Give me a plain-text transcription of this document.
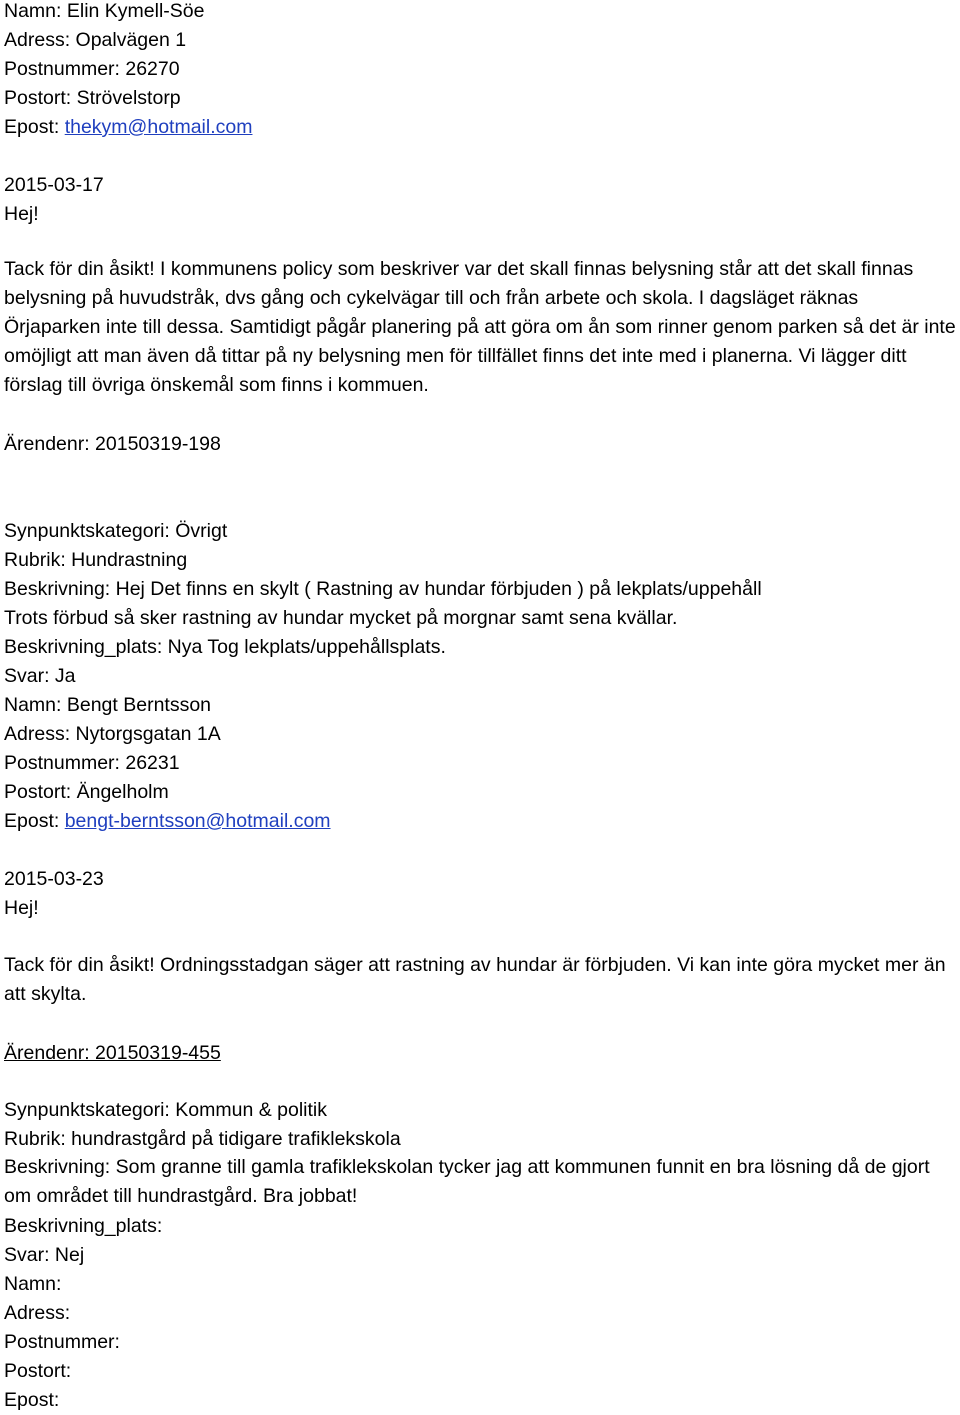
Namn: Elin Kymell-Söe
Adress: Opalvägen 1
Postnummer: 26270
Postort: Strövelstorp
Epost: thekym@hotmail.com
2015-03-17
Hej!
Tack för din åsikt! I kommunens policy som beskriver var det skall finnas belysning står att det skall finnas belysning på huvudstråk, dvs gång och cykelvägar till och från arbete och skola. I dagsläget räknas Örjaparken inte till dessa. Samtidigt pågår planering på att göra om ån som rinner genom parken så det är inte omöjligt att man även då tittar på ny belysning men för tillfället finns det inte med i planerna. Vi lägger ditt förslag till övriga önskemål som finns i kommuen.
Ärendenr: 20150319-198
Synpunktskategori: Övrigt
Rubrik: Hundrastning
Beskrivning: Hej Det finns en skylt ( Rastning av hundar förbjuden ) på lekplats/uppehåll
Trots förbud så sker rastning av hundar mycket på morgnar samt sena kvällar.
Beskrivning_plats: Nya Tog lekplats/uppehållsplats.
Svar: Ja
Namn: Bengt Berntsson
Adress: Nytorgsgatan 1A
Postnummer: 26231
Postort: Ängelholm
Epost: bengt-berntsson@hotmail.com
2015-03-23
Hej!
Tack för din åsikt! Ordningsstadgan säger att rastning av hundar är förbjuden. Vi kan inte göra mycket mer än att skylta.
Ärendenr: 20150319-455
Synpunktskategori: Kommun & politik
Rubrik: hundrastgård på tidigare trafiklekskola
Beskrivning: Som granne till gamla trafiklekskolan tycker jag att kommunen funnit en bra lösning då de gjort om området till hundrastgård. Bra jobbat!
Beskrivning_plats:
Svar: Nej
Namn:
Adress:
Postnummer:
Postort:
Epost:
